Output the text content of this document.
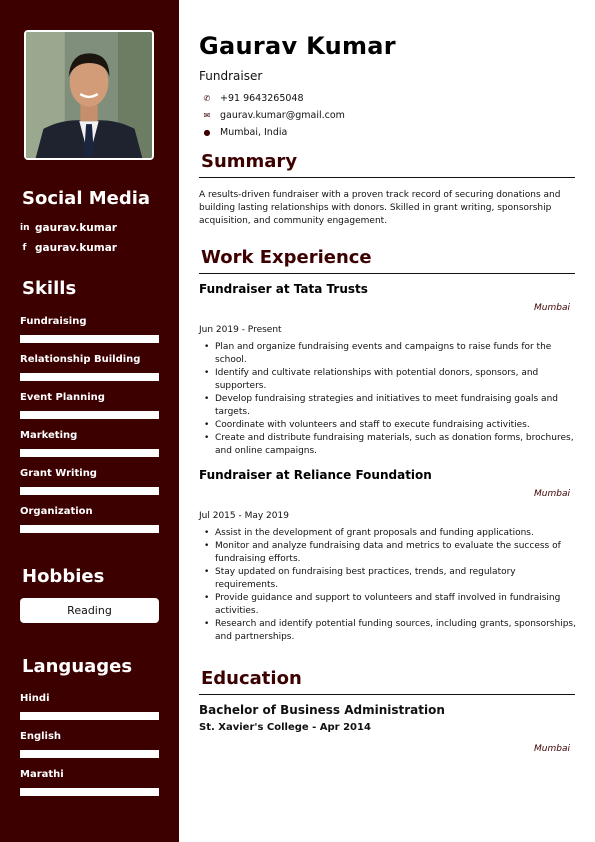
Social Media
in gaurav.kumar
f gaurav.kumar
Skills
Fundraising
Relationship Building
Event Planning
Marketing
Grant Writing
Organization
Hobbies
Reading
Languages
Hindi
English
Marathi
Gaurav Kumar
Fundraiser
✆ +91 9643265048
✉ gaurav.kumar@gmail.com
● Mumbai, India
Summary
A results-driven fundraiser with a proven track record of securing donations and building lasting relationships with donors. Skilled in grant writing, sponsorship acquisition, and community engagement.
Work Experience
Fundraiser at Tata Trusts
Mumbai
Jun 2019 - Present
• Plan and organize fundraising events and campaigns to raise funds for the school.
• Identify and cultivate relationships with potential donors, sponsors, and supporters.
• Develop fundraising strategies and initiatives to meet fundraising goals and targets.
• Coordinate with volunteers and staff to execute fundraising activities.
• Create and distribute fundraising materials, such as donation forms, brochures, and online campaigns.
Fundraiser at Reliance Foundation
Mumbai
Jul 2015 - May 2019
• Assist in the development of grant proposals and funding applications.
• Monitor and analyze fundraising data and metrics to evaluate the success of fundraising efforts.
• Stay updated on fundraising best practices, trends, and regulatory requirements.
• Provide guidance and support to volunteers and staff involved in fundraising activities.
• Research and identify potential funding sources, including grants, sponsorships, and partnerships.
Education
Bachelor of Business Administration
St. Xavier's College - Apr 2014
Mumbai
